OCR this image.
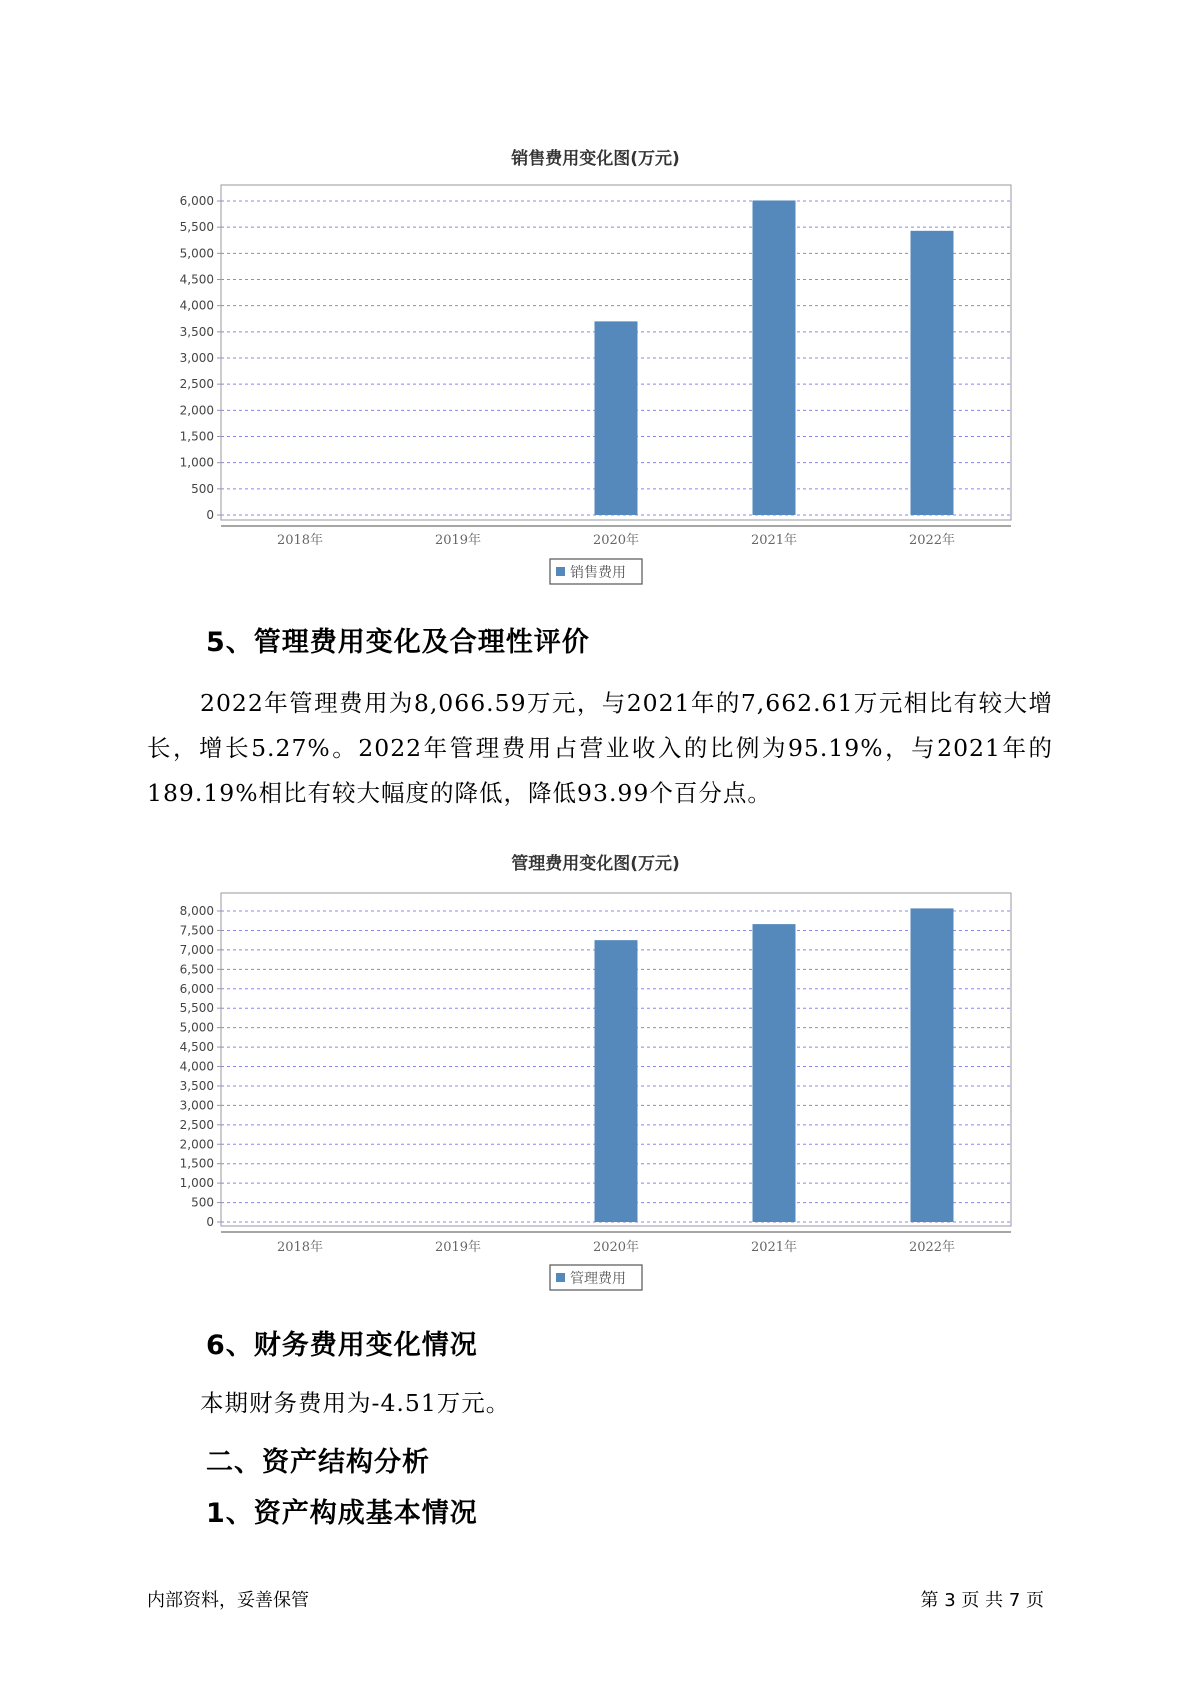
销售费用变化图(万元)
0
500
1,000
1,500
2,000
2,500
3,000
3,500
4,000
4,500
5,000
5,500
6,000
2018年	2019年	2020年	2021年	2022年
销售费用
5、管理费用变化及合理性评价
2022年管理费用为8,066.59万元，与2021年的7,662.61万元相比有较大增长，增长5.27%。2022年管理费用占营业收入的比例为95.19%，与2021年的189.19%相比有较大幅度的降低，降低93.99个百分点。
管理费用变化图(万元)
0
500
1,000
1,500
2,000
2,500
3,000
3,500
4,000
4,500
5,000
5,500
6,000
6,500
7,000
7,500
8,000
2018年	2019年	2020年	2021年	2022年
管理费用
6、财务费用变化情况
本期财务费用为-4.51万元。
二、资产结构分析
1、资产构成基本情况
内部资料，妥善保管	第 3 页 共 7 页
